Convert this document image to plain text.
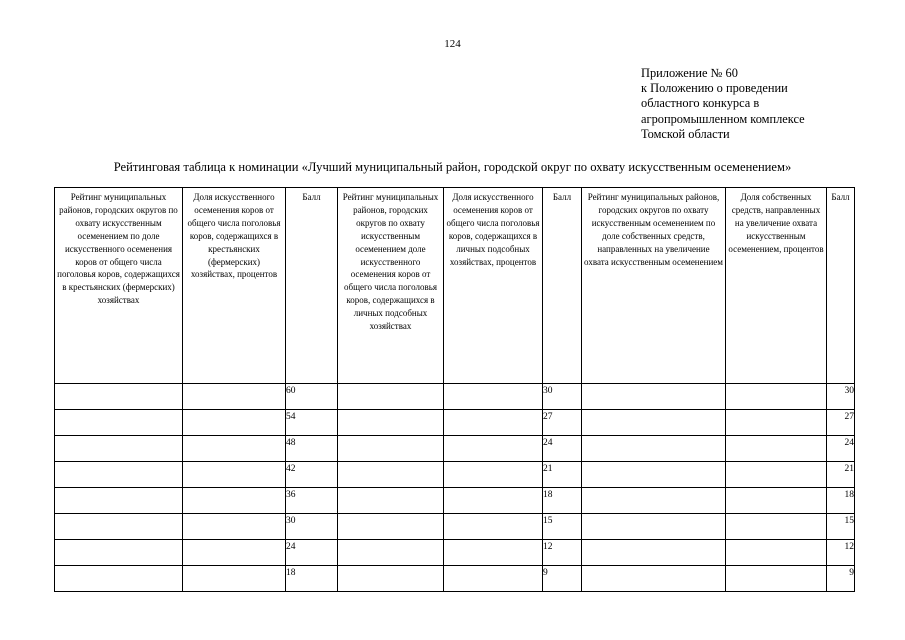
124
Приложение № 60
к Положению о проведении
областного конкурса в
агропромышленном комплексе
Томской области
Рейтинговая таблица к номинации «Лучший муниципальный район, городской округ по охвату искусственным осеменением»
Рейтинг муниципальных районов, городских округов по охвату искусственным осеменением по доле искусственного осеменения коров от общего числа поголовья коров, содержащихся в крестьянских (фермерских) хозяйствах	Доля искусственного осеменения коров от общего числа поголовья коров, содержащихся в крестьянских (фермерских) хозяйствах, процентов	Балл	Рейтинг муниципальных районов, городских округов по охвату искусственным осеменением доле искусственного осеменения коров от общего числа поголовья коров, содержащихся в личных подсобных хозяйствах	Доля искусственного осеменения коров от общего числа поголовья коров, содержащихся в личных подсобных хозяйствах, процентов	Балл	Рейтинг муниципальных районов, городских округов по охвату искусственным осеменением по доле собственных средств, направленных на увеличение охвата искусственным осеменением	Доля собственных средств, направленных на увеличение охвата искусственным осеменением, процентов	Балл
		60			30			30
		54			27			27
		48			24			24
		42			21			21
		36			18			18
		30			15			15
		24			12			12
		18			9			9
